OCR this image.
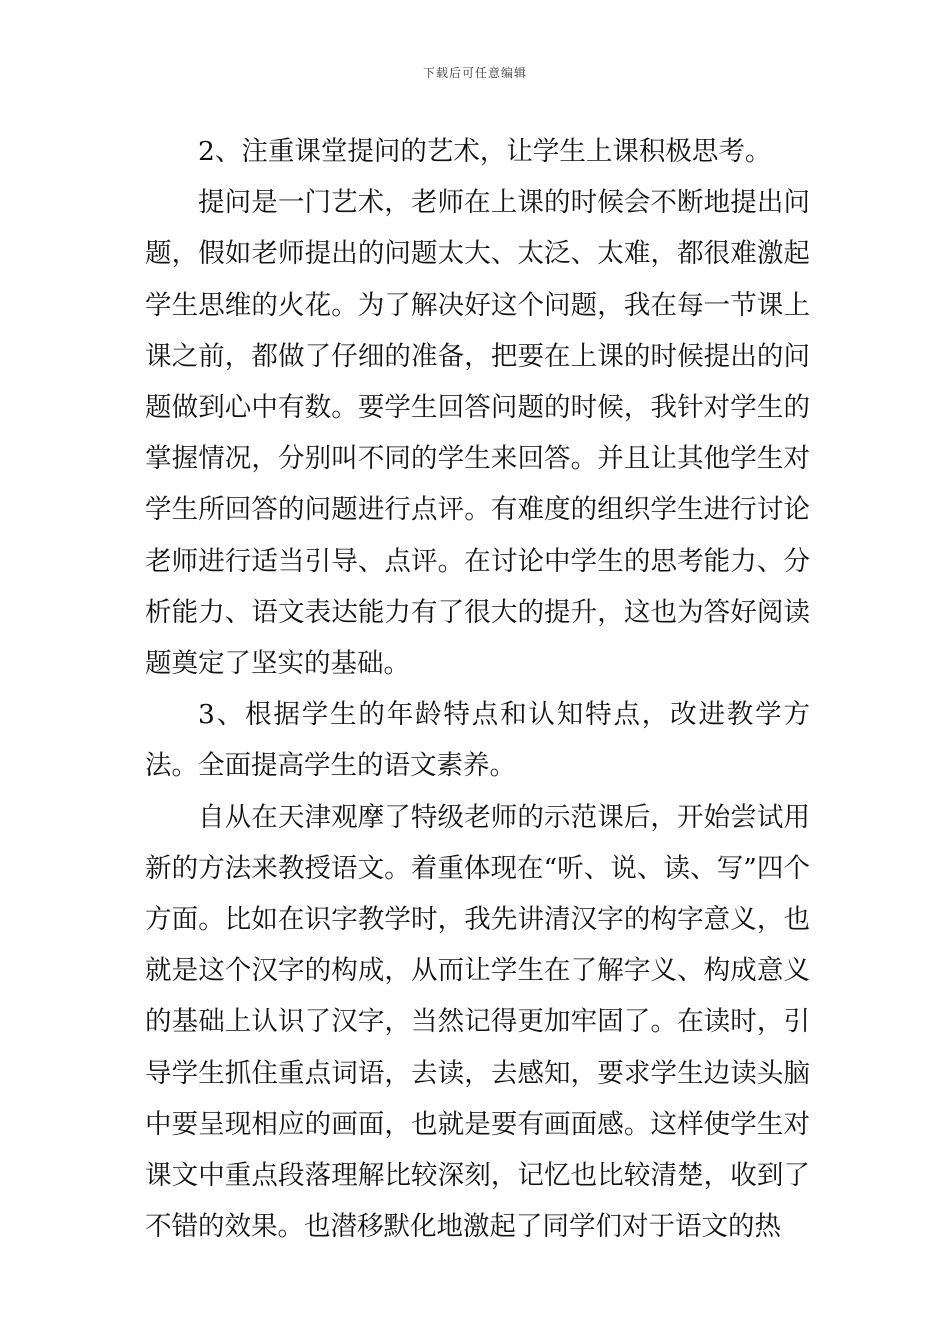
下载后可任意编辑

2、注重课堂提问的艺术，让学生上课积极思考。

提问是一门艺术，老师在上课的时候会不断地提出问题，假如老师提出的问题太大、太泛、太难，都很难激起学生思维的火花。为了解决好这个问题，我在每一节课上课之前，都做了仔细的准备，把要在上课的时候提出的问题做到心中有数。要学生回答问题的时候，我针对学生的掌握情况，分别叫不同的学生来回答。并且让其他学生对学生所回答的问题进行点评。有难度的组织学生进行讨论老师进行适当引导、点评。在讨论中学生的思考能力、分析能力、语文表达能力有了很大的提升，这也为答好阅读题奠定了坚实的基础。

3、根据学生的年龄特点和认知特点，改进教学方法。全面提高学生的语文素养。

自从在天津观摩了特级老师的示范课后，开始尝试用新的方法来教授语文。着重体现在“听、说、读、写”四个方面。比如在识字教学时，我先讲清汉字的构字意义，也就是这个汉字的构成，从而让学生在了解字义、构成意义的基础上认识了汉字，当然记得更加牢固了。在读时，引导学生抓住重点词语，去读，去感知，要求学生边读头脑中要呈现相应的画面，也就是要有画面感。这样使学生对课文中重点段落理解比较深刻，记忆也比较清楚，收到了不错的效果。也潜移默化地激起了同学们对于语文的热
